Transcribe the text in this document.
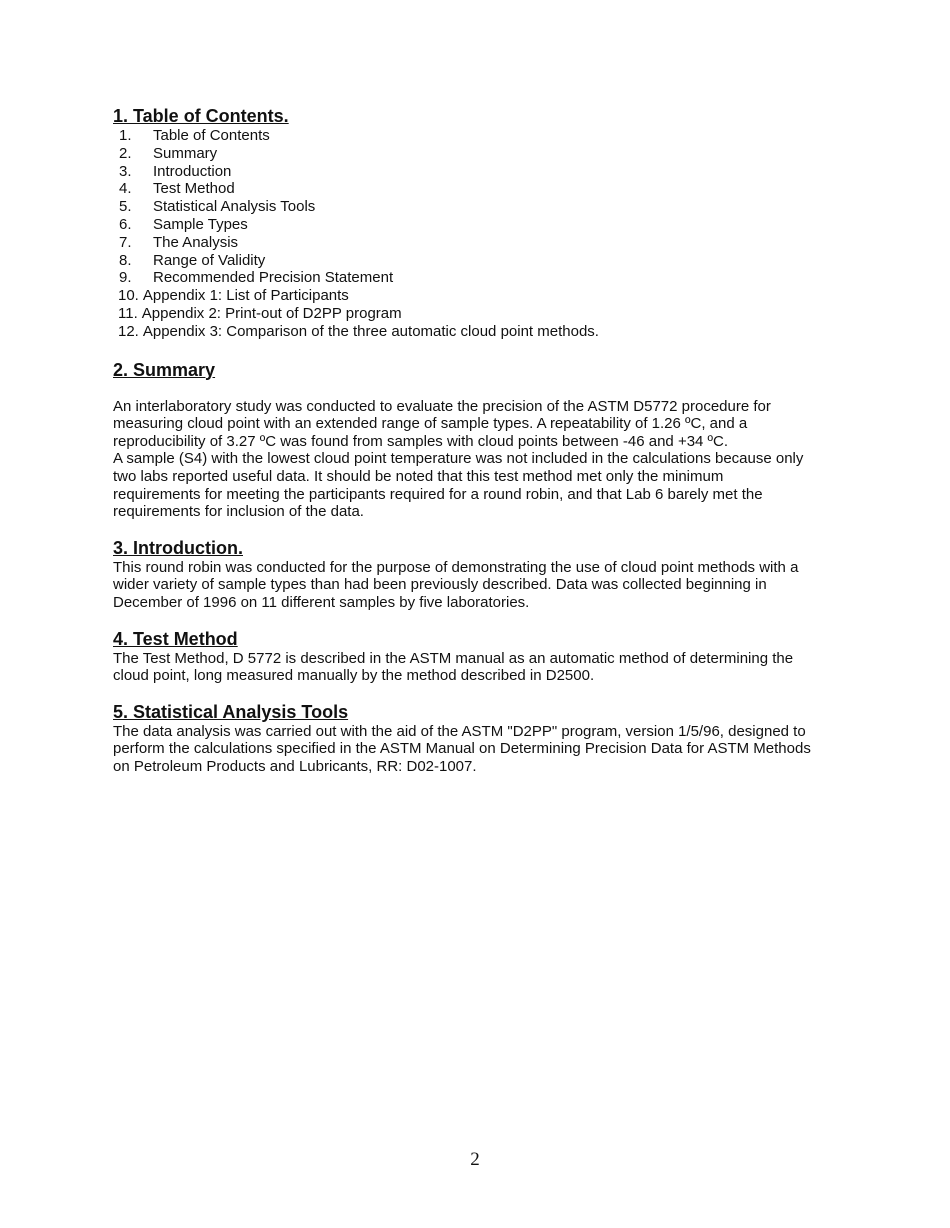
1. Table of Contents.
1. Table of Contents
2. Summary
3. Introduction
4. Test Method
5. Statistical Analysis Tools
6. Sample Types
7. The Analysis
8. Range of Validity
9. Recommended Precision Statement
10. Appendix 1: List of Participants
11. Appendix 2: Print-out of D2PP program
12. Appendix 3: Comparison of the three automatic cloud point methods.
2. Summary
An interlaboratory study was conducted to evaluate the precision of the ASTM D5772 procedure for
measuring cloud point with an extended range of sample types. A repeatability of 1.26 ºC, and a
reproducibility of 3.27 ºC was found from samples with cloud points between -46 and +34 ºC.
A sample (S4) with the lowest cloud point temperature was not included in the calculations because only
two labs reported useful data. It should be noted that this test method met only the minimum
requirements for meeting the participants required for a round robin, and that Lab 6 barely met the
requirements for inclusion of the data.
3. Introduction.
This round robin was conducted for the purpose of demonstrating the use of cloud point methods with a
wider variety of sample types than had been previously described. Data was collected beginning in
December of 1996 on 11 different samples by five laboratories.
4. Test Method
The Test Method, D 5772 is described in the ASTM manual as an automatic method of determining the
cloud point, long measured manually by the method described in D2500.
5. Statistical Analysis Tools
The data analysis was carried out with the aid of the ASTM "D2PP" program, version 1/5/96, designed to
perform the calculations specified in the ASTM Manual on Determining Precision Data for ASTM Methods
on Petroleum Products and Lubricants, RR: D02-1007.
2
